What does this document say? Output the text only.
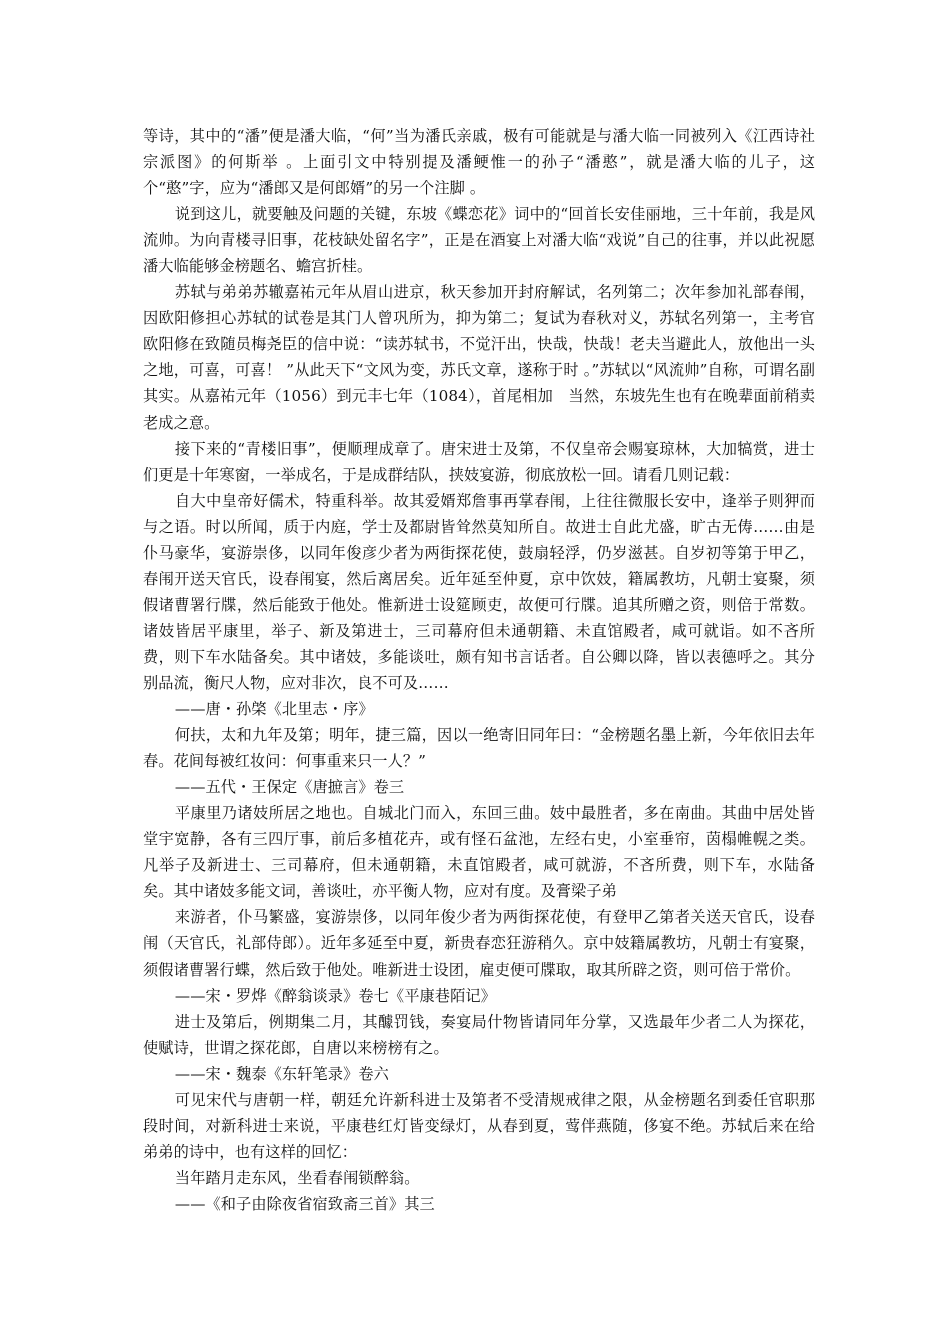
等诗，其中的“潘”便是潘大临，“何”当为潘氏亲戚，极有可能就是与潘大临一同被列入《江西诗社宗派图》的何斯举 。上面引文中特别提及潘鲠惟一的孙子“潘憨”，就是潘大临的儿子，这个“憨”字，应为“潘郎又是何郎婿”的另一个注脚 。

说到这儿，就要触及问题的关键，东坡《蝶恋花》词中的“回首长安佳丽地，三十年前，我是风流帅。为向青楼寻旧事，花枝缺处留名字”，正是在酒宴上对潘大临“戏说”自己的往事，并以此祝愿潘大临能够金榜题名、蟾宫折桂。

苏轼与弟弟苏辙嘉祐元年从眉山进京，秋天参加开封府解试，名列第二；次年参加礼部春闱，因欧阳修担心苏轼的试卷是其门人曾巩所为，抑为第二；复试为春秋对义，苏轼名列第一，主考官欧阳修在致随员梅尧臣的信中说：“读苏轼书，不觉汗出，快哉，快哉！老夫当避此人，放他出一头之地，可喜，可喜！ ”从此天下“文风为变，苏氏文章，遂称于时 。”苏轼以“风流帅”自称，可谓名副其实。从嘉祐元年（1056）到元丰七年（1084），首尾相加　当然，东坡先生也有在晚辈面前稍卖老成之意。

接下来的“青楼旧事”，便顺理成章了。唐宋进士及第，不仅皇帝会赐宴琼林，大加犒赏，进士们更是十年寒窗，一举成名，于是成群结队，挟妓宴游，彻底放松一回。请看几则记载：

自大中皇帝好儒术，特重科举。故其爱婿郑詹事再掌春闱，上往往微服长安中，逢举子则狎而与之语。时以所闻，质于内庭，学士及都尉皆耸然莫知所自。故进士自此尤盛，旷古无俦……由是仆马豪华，宴游崇侈，以同年俊彦少者为两街探花使，鼓扇轻浮，仍岁滋甚。自岁初等第于甲乙，春闱开送天官氏，设春闱宴，然后离居矣。近年延至仲夏，京中饮妓，籍属教坊，凡朝士宴聚，须假诸曹署行牒，然后能致于他处。惟新进士设筵顾吏，故便可行牒。追其所赠之资，则倍于常数。诸妓皆居平康里，举子、新及第进士，三司幕府但未通朝籍、未直馆殿者，咸可就诣。如不吝所费，则下车水陆备矣。其中诸妓，多能谈吐，颇有知书言话者。自公卿以降，皆以表德呼之。其分别品流，衡尺人物，应对非次，良不可及……

——唐・孙棨《北里志・序》

何扶，太和九年及第；明年，捷三篇，因以一绝寄旧同年曰：“金榜题名墨上新，今年依旧去年春。花间每被红妆问：何事重来只一人？”

——五代・王保定《唐摭言》卷三

平康里乃诸妓所居之地也。自城北门而入，东回三曲。妓中最胜者，多在南曲。其曲中居处皆堂宇宽静，各有三四厅事，前后多植花卉，或有怪石盆池，左经右史，小室垂帘，茵榻帷幌之类。凡举子及新进士、三司幕府，但未通朝籍，未直馆殿者，咸可就游，不吝所费，则下车，水陆备矣。其中诸妓多能文词，善谈吐，亦平衡人物，应对有度。及膏梁子弟

来游者，仆马繁盛，宴游崇侈，以同年俊少者为两街探花使，有登甲乙第者关送天官氏，设春闱（天官氏，礼部侍郎）。近年多延至中夏，新贵春恋狂游稍久。京中妓籍属教坊，凡朝士有宴聚，须假诸曹署行蝶，然后致于他处。唯新进士设团，雇吏便可牒取，取其所辟之资，则可倍于常价。

——宋・罗烨《醉翁谈录》卷七《平康巷陌记》

进士及第后，例期集二月，其醵罚钱，奏宴局什物皆请同年分掌，又选最年少者二人为探花，使赋诗，世谓之探花郎，自唐以来榜榜有之。

——宋・魏泰《东轩笔录》卷六

可见宋代与唐朝一样，朝廷允许新科进士及第者不受清规戒律之限，从金榜题名到委任官职那段时间，对新科进士来说，平康巷红灯皆变绿灯，从春到夏，莺伴燕随，侈宴不绝。苏轼后来在给弟弟的诗中，也有这样的回忆：

当年踏月走东风，坐看春闱锁醉翁。

——《和子由除夜省宿致斋三首》其三
